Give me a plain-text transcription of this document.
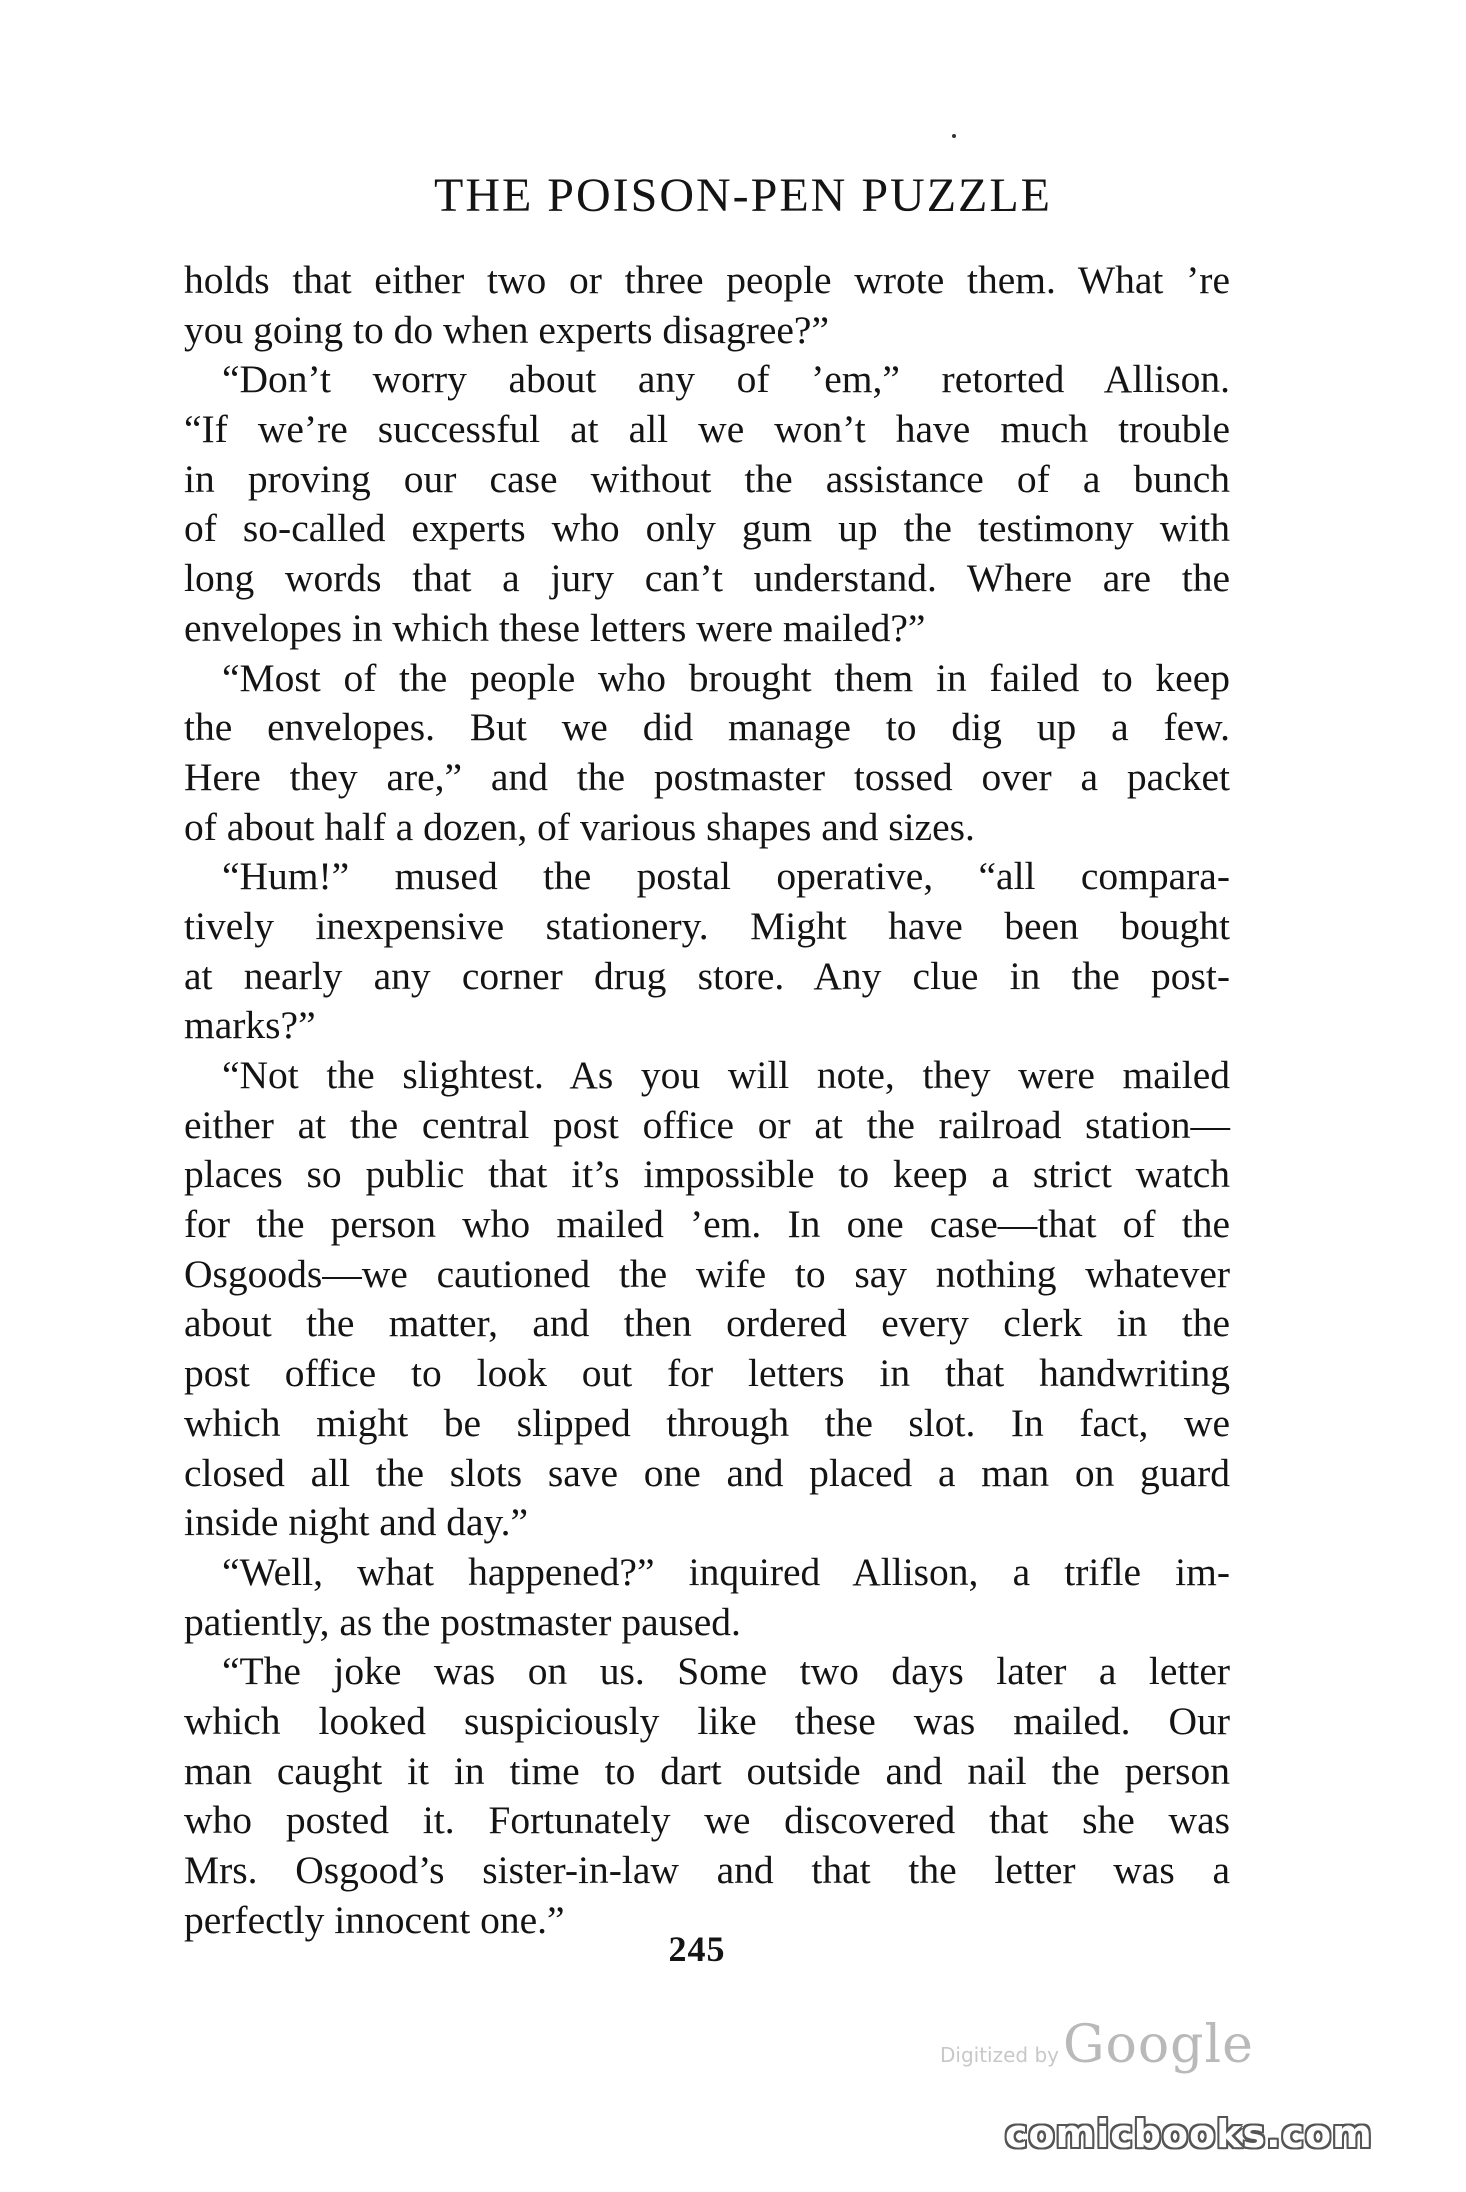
THE POISON-PEN PUZZLE
holds that either two or three people wrote them. What ’re
you going to do when experts disagree?”
“Don’t worry about any of ’em,” retorted Allison.
“If we’re successful at all we won’t have much trouble
in proving our case without the assistance of a bunch
of so-called experts who only gum up the testimony with
long words that a jury can’t understand. Where are the
envelopes in which these letters were mailed?”
“Most of the people who brought them in failed to keep
the envelopes. But we did manage to dig up a few.
Here they are,” and the postmaster tossed over a packet
of about half a dozen, of various shapes and sizes.
“Hum!” mused the postal operative, “all compara-
tively inexpensive stationery. Might have been bought
at nearly any corner drug store. Any clue in the post-
marks?”
“Not the slightest. As you will note, they were mailed
either at the central post office or at the railroad station—
places so public that it’s impossible to keep a strict watch
for the person who mailed ’em. In one case—that of the
Osgoods—we cautioned the wife to say nothing whatever
about the matter, and then ordered every clerk in the
post office to look out for letters in that handwriting
which might be slipped through the slot. In fact, we
closed all the slots save one and placed a man on guard
inside night and day.”
“Well, what happened?” inquired Allison, a trifle im-
patiently, as the postmaster paused.
“The joke was on us. Some two days later a letter
which looked suspiciously like these was mailed. Our
man caught it in time to dart outside and nail the person
who posted it. Fortunately we discovered that she was
Mrs. Osgood’s sister-in-law and that the letter was a
perfectly innocent one.”
245
Digitized by Google
comicbooks.com
